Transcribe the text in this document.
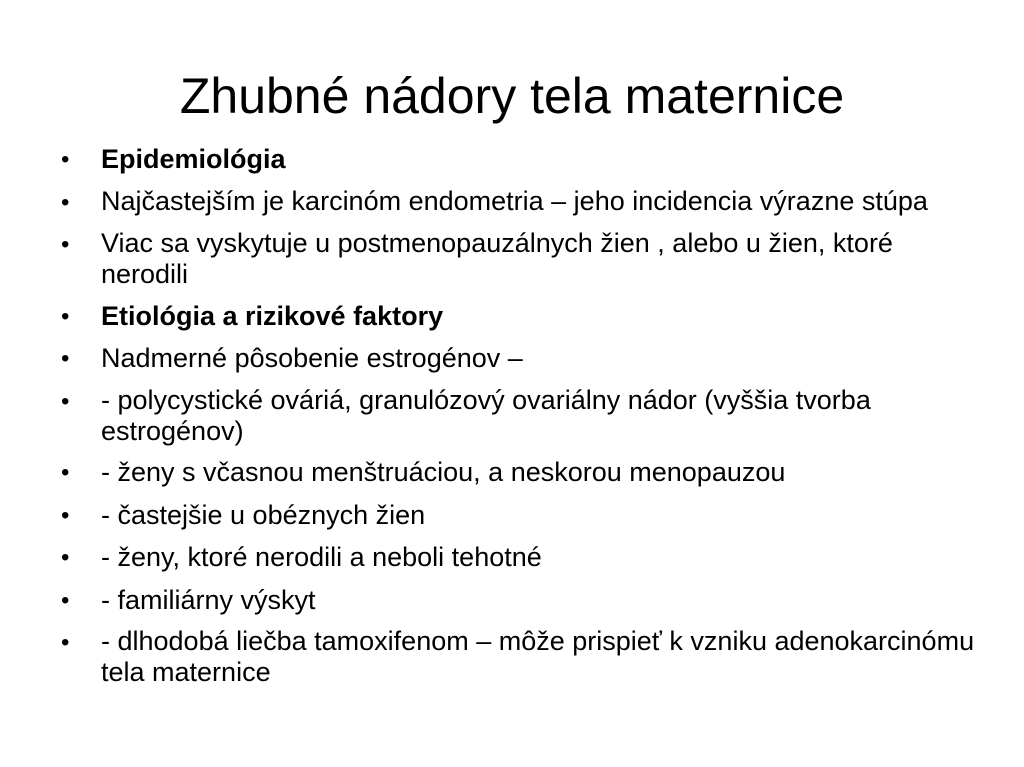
Zhubné nádory tela maternice
•	Epidemiológia
•	Najčastejším je karcinóm endometria – jeho incidencia výrazne stúpa
•	Viac sa vyskytuje u postmenopauzálnych žien , alebo u žien, ktoré nerodili
•	Etiológia a rizikové faktory
•	Nadmerné pôsobenie estrogénov –
•	- polycystické ováriá, granulózový ovariálny nádor (vyššia tvorba estrogénov)
•	- ženy s včasnou menštruáciou, a neskorou menopauzou
•	- častejšie u obéznych žien
•	- ženy, ktoré nerodili a neboli tehotné
•	- familiárny výskyt
•	- dlhodobá liečba tamoxifenom – môže prispieť k vzniku adenokarcinómu tela maternice
